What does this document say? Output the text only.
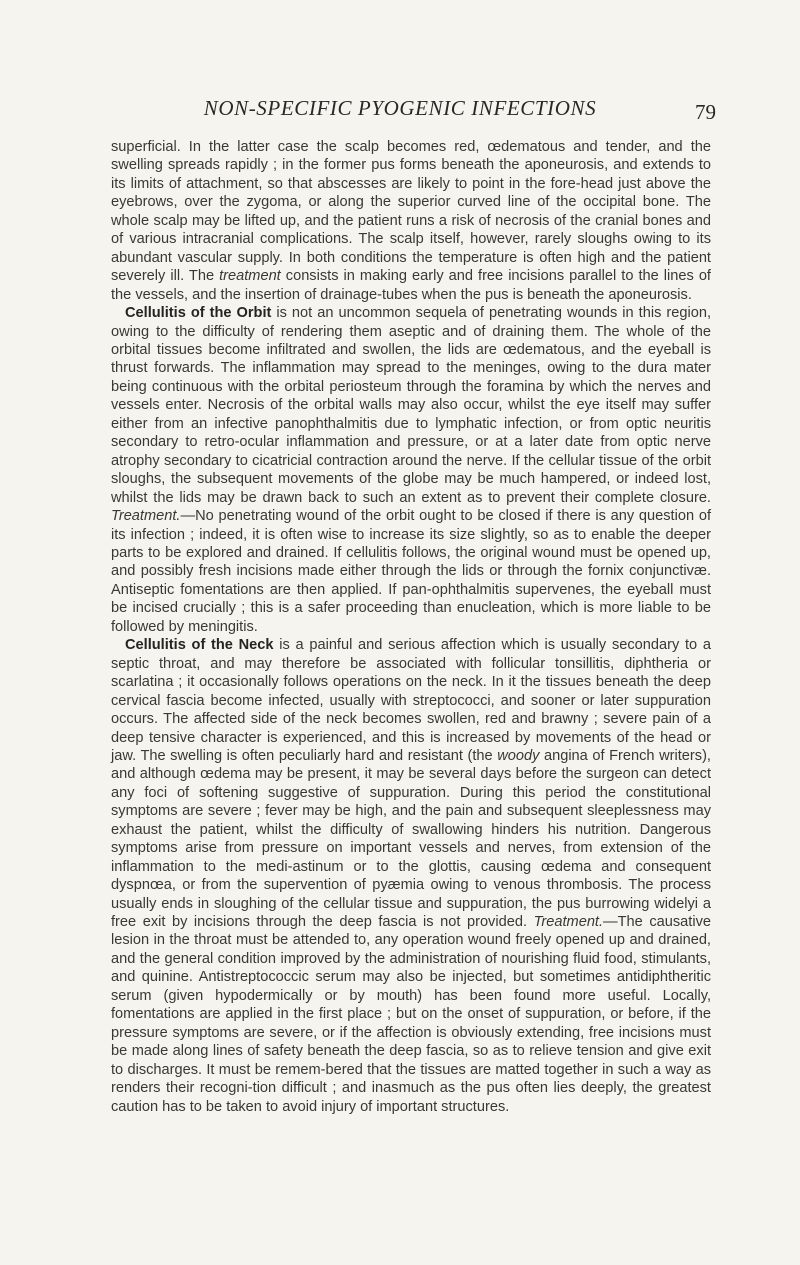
NON-SPECIFIC PYOGENIC INFECTIONS	79

superficial. In the latter case the scalp becomes red, œdematous and tender, and the swelling spreads rapidly ; in the former pus forms beneath the aponeurosis, and extends to its limits of attachment, so that abscesses are likely to point in the fore-head just above the eyebrows, over the zygoma, or along the superior curved line of the occipital bone. The whole scalp may be lifted up, and the patient runs a risk of necrosis of the cranial bones and of various intracranial complications. The scalp itself, however, rarely sloughs owing to its abundant vascular supply. In both conditions the temperature is often high and the patient severely ill. The treatment consists in making early and free incisions parallel to the lines of the vessels, and the insertion of drainage-tubes when the pus is beneath the aponeurosis.

Cellulitis of the Orbit is not an uncommon sequela of penetrating wounds in this region, owing to the difficulty of rendering them aseptic and of draining them. The whole of the orbital tissues become infiltrated and swollen, the lids are œdematous, and the eyeball is thrust forwards. The inflammation may spread to the meninges, owing to the dura mater being continuous with the orbital periosteum through the foramina by which the nerves and vessels enter. Necrosis of the orbital walls may also occur, whilst the eye itself may suffer either from an infective panophthalmitis due to lymphatic infection, or from optic neuritis secondary to retro-ocular inflammation and pressure, or at a later date from optic nerve atrophy secondary to cicatricial contraction around the nerve. If the cellular tissue of the orbit sloughs, the subsequent movements of the globe may be much hampered, or indeed lost, whilst the lids may be drawn back to such an extent as to prevent their complete closure. Treatment.—No penetrating wound of the orbit ought to be closed if there is any question of its infection ; indeed, it is often wise to increase its size slightly, so as to enable the deeper parts to be explored and drained. If cellulitis follows, the original wound must be opened up, and possibly fresh incisions made either through the lids or through the fornix conjunctivæ. Antiseptic fomentations are then applied. If pan-ophthalmitis supervenes, the eyeball must be incised crucially ; this is a safer proceeding than enucleation, which is more liable to be followed by meningitis.

Cellulitis of the Neck is a painful and serious affection which is usually secondary to a septic throat, and may therefore be associated with follicular tonsillitis, diphtheria or scarlatina ; it occasionally follows operations on the neck. In it the tissues beneath the deep cervical fascia become infected, usually with streptococci, and sooner or later suppuration occurs. The affected side of the neck becomes swollen, red and brawny ; severe pain of a deep tensive character is experienced, and this is increased by movements of the head or jaw. The swelling is often peculiarly hard and resistant (the woody angina of French writers), and although œdema may be present, it may be several days before the surgeon can detect any foci of softening suggestive of suppuration. During this period the constitutional symptoms are severe ; fever may be high, and the pain and subsequent sleeplessness may exhaust the patient, whilst the difficulty of swallowing hinders his nutrition. Dangerous symptoms arise from pressure on important vessels and nerves, from extension of the inflammation to the medi-astinum or to the glottis, causing œdema and consequent dyspnœa, or from the supervention of pyæmia owing to venous thrombosis. The process usually ends in sloughing of the cellular tissue and suppuration, the pus burrowing widelyi a free exit by incisions through the deep fascia is not provided. Treatment.—The causative lesion in the throat must be attended to, any operation wound freely opened up and drained, and the general condition improved by the administration of nourishing fluid food, stimulants, and quinine. Antistreptococcic serum may also be injected, but sometimes antidiphtheritic serum (given hypodermically or by mouth) has been found more useful. Locally, fomentations are applied in the first place ; but on the onset of suppuration, or before, if the pressure symptoms are severe, or if the affection is obviously extending, free incisions must be made along lines of safety beneath the deep fascia, so as to relieve tension and give exit to discharges. It must be remem-bered that the tissues are matted together in such a way as renders their recogni-tion difficult ; and inasmuch as the pus often lies deeply, the greatest caution has to be taken to avoid injury of important structures.
